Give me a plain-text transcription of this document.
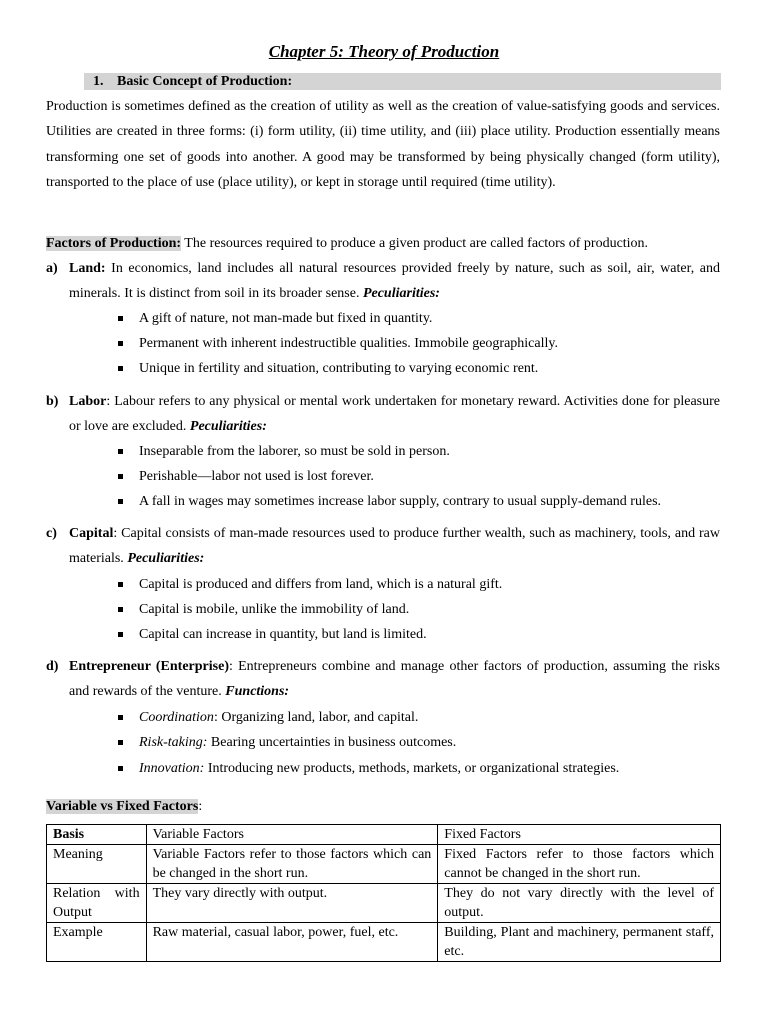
Chapter 5: Theory of Production
1. Basic Concept of Production:
Production is sometimes defined as the creation of utility as well as the creation of value-satisfying goods and services. Utilities are created in three forms: (i) form utility, (ii) time utility, and (iii) place utility. Production essentially means transforming one set of goods into another. A good may be transformed by being physically changed (form utility), transported to the place of use (place utility), or kept in storage until required (time utility).
Factors of Production: The resources required to produce a given product are called factors of production.
a) Land: In economics, land includes all natural resources provided freely by nature, such as soil, air, water, and minerals. It is distinct from soil in its broader sense. Peculiarities:
A gift of nature, not man-made but fixed in quantity.
Permanent with inherent indestructible qualities. Immobile geographically.
Unique in fertility and situation, contributing to varying economic rent.
b) Labor: Labour refers to any physical or mental work undertaken for monetary reward. Activities done for pleasure or love are excluded. Peculiarities:
Inseparable from the laborer, so must be sold in person.
Perishable—labor not used is lost forever.
A fall in wages may sometimes increase labor supply, contrary to usual supply-demand rules.
c) Capital: Capital consists of man-made resources used to produce further wealth, such as machinery, tools, and raw materials. Peculiarities:
Capital is produced and differs from land, which is a natural gift.
Capital is mobile, unlike the immobility of land.
Capital can increase in quantity, but land is limited.
d) Entrepreneur (Enterprise): Entrepreneurs combine and manage other factors of production, assuming the risks and rewards of the venture. Functions:
Coordination: Organizing land, labor, and capital.
Risk-taking: Bearing uncertainties in business outcomes.
Innovation: Introducing new products, methods, markets, or organizational strategies.
Variable vs Fixed Factors:
Basis	Variable Factors	Fixed Factors
Meaning	Variable Factors refer to those factors which can be changed in the short run.	Fixed Factors refer to those factors which cannot be changed in the short run.
Relation with Output	They vary directly with output.	They do not vary directly with the level of output.
Example	Raw material, casual labor, power, fuel, etc.	Building, Plant and machinery, permanent staff, etc.
